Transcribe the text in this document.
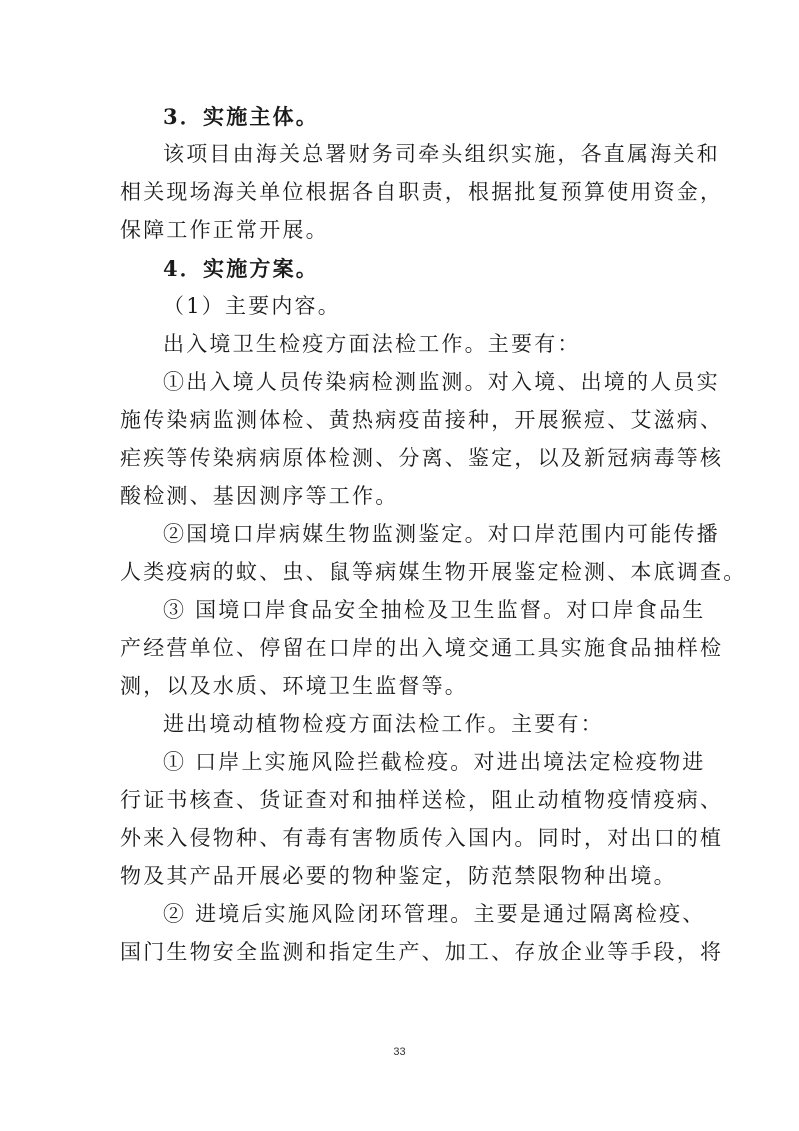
3．实施主体。
该项目由海关总署财务司牵头组织实施，各直属海关和
相关现场海关单位根据各自职责，根据批复预算使用资金，
保障工作正常开展。
4．实施方案。
（1）主要内容。
出入境卫生检疫方面法检工作。主要有：
①出入境人员传染病检测监测。对入境、出境的人员实
施传染病监测体检、黄热病疫苗接种，开展猴痘、艾滋病、
疟疾等传染病病原体检测、分离、鉴定，以及新冠病毒等核
酸检测、基因测序等工作。
②国境口岸病媒生物监测鉴定。对口岸范围内可能传播
人类疫病的蚊、虫、鼠等病媒生物开展鉴定检测、本底调查。
③ 国境口岸食品安全抽检及卫生监督。对口岸食品生
产经营单位、停留在口岸的出入境交通工具实施食品抽样检
测，以及水质、环境卫生监督等。
进出境动植物检疫方面法检工作。主要有：
① 口岸上实施风险拦截检疫。对进出境法定检疫物进
行证书核查、货证查对和抽样送检，阻止动植物疫情疫病、
外来入侵物种、有毒有害物质传入国内。同时，对出口的植
物及其产品开展必要的物种鉴定，防范禁限物种出境。
② 进境后实施风险闭环管理。主要是通过隔离检疫、
国门生物安全监测和指定生产、加工、存放企业等手段，将
33
